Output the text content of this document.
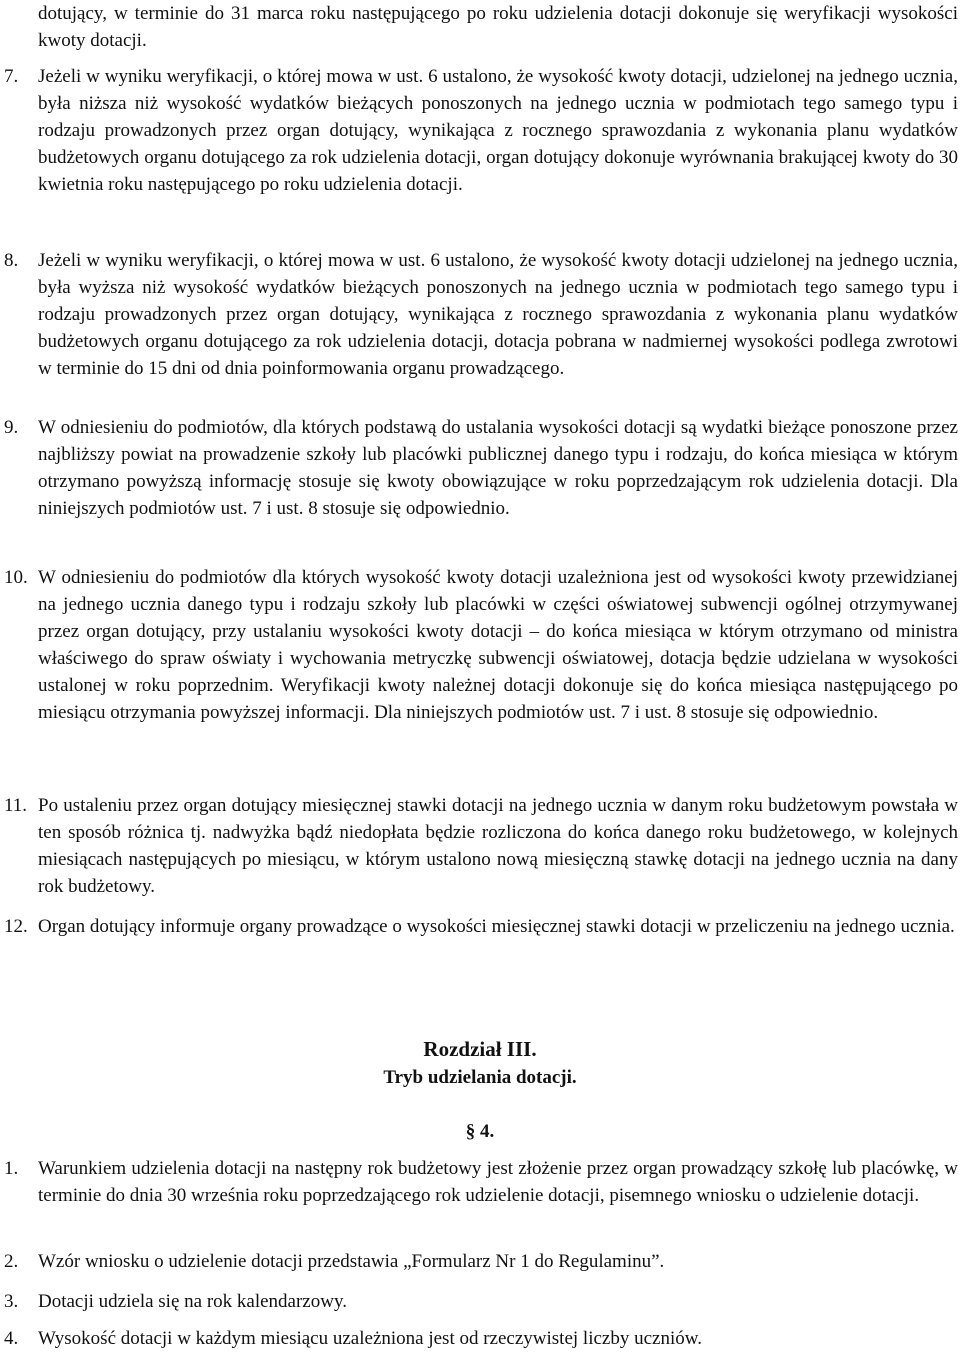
dotujący, w terminie do 31 marca roku następującego po roku udzielenia dotacji dokonuje się weryfikacji wysokości kwoty dotacji.
7. Jeżeli w wyniku weryfikacji, o której mowa w ust. 6 ustalono, że wysokość kwoty dotacji, udzielonej na jednego ucznia, była niższa niż wysokość wydatków bieżących ponoszonych na jednego ucznia w podmiotach tego samego typu i rodzaju prowadzonych przez organ dotujący, wynikająca z rocznego sprawozdania z wykonania planu wydatków budżetowych organu dotującego za rok udzielenia dotacji, organ dotujący dokonuje wyrównania brakującej kwoty do 30 kwietnia roku następującego po roku udzielenia dotacji.
8. Jeżeli w wyniku weryfikacji, o której mowa w ust. 6 ustalono, że wysokość kwoty dotacji udzielonej na jednego ucznia, była wyższa niż wysokość wydatków bieżących ponoszonych na jednego ucznia w podmiotach tego samego typu i rodzaju prowadzonych przez organ dotujący, wynikająca z rocznego sprawozdania z wykonania planu wydatków budżetowych organu dotującego za rok udzielenia dotacji, dotacja pobrana w nadmiernej wysokości podlega zwrotowi w terminie do 15 dni od dnia poinformowania organu prowadzącego.
9. W odniesieniu do podmiotów, dla których podstawą do ustalania wysokości dotacji są wydatki bieżące ponoszone przez najbliższy powiat na prowadzenie szkoły lub placówki publicznej danego typu i rodzaju, do końca miesiąca w którym otrzymano powyższą informację stosuje się kwoty obowiązujące w roku poprzedzającym rok udzielenia dotacji. Dla niniejszych podmiotów ust. 7 i ust. 8 stosuje się odpowiednio.
10. W odniesieniu do podmiotów dla których wysokość kwoty dotacji uzależniona jest od wysokości kwoty przewidzianej na jednego ucznia danego typu i rodzaju szkoły lub placówki w części oświatowej subwencji ogólnej otrzymywanej przez organ dotujący, przy ustalaniu wysokości kwoty dotacji – do końca miesiąca w którym otrzymano od ministra właściwego do spraw oświaty i wychowania metryczkę subwencji oświatowej, dotacja będzie udzielana w wysokości ustalonej w roku poprzednim. Weryfikacji kwoty należnej dotacji dokonuje się do końca miesiąca następującego po miesiącu otrzymania powyższej informacji. Dla niniejszych podmiotów ust. 7 i ust. 8 stosuje się odpowiednio.
11. Po ustaleniu przez organ dotujący miesięcznej stawki dotacji na jednego ucznia w danym roku budżetowym powstała w ten sposób różnica tj. nadwyżka bądź niedopłata będzie rozliczona do końca danego roku budżetowego, w kolejnych miesiącach następujących po miesiącu, w którym ustalono nową miesięczną stawkę dotacji na jednego ucznia na dany rok budżetowy.
12. Organ dotujący informuje organy prowadzące o wysokości miesięcznej stawki dotacji w przeliczeniu na jednego ucznia.
Rozdział III.
Tryb udzielania dotacji.
§ 4.
1. Warunkiem udzielenia dotacji na następny rok budżetowy jest złożenie przez organ prowadzący szkołę lub placówkę, w terminie do dnia 30 września roku poprzedzającego rok udzielenie dotacji, pisemnego wniosku o udzielenie dotacji.
2. Wzór wniosku o udzielenie dotacji przedstawia „Formularz Nr 1 do Regulaminu”.
3. Dotacji udziela się na rok kalendarzowy.
4. Wysokość dotacji w każdym miesiącu uzależniona jest od rzeczywistej liczby uczniów.
